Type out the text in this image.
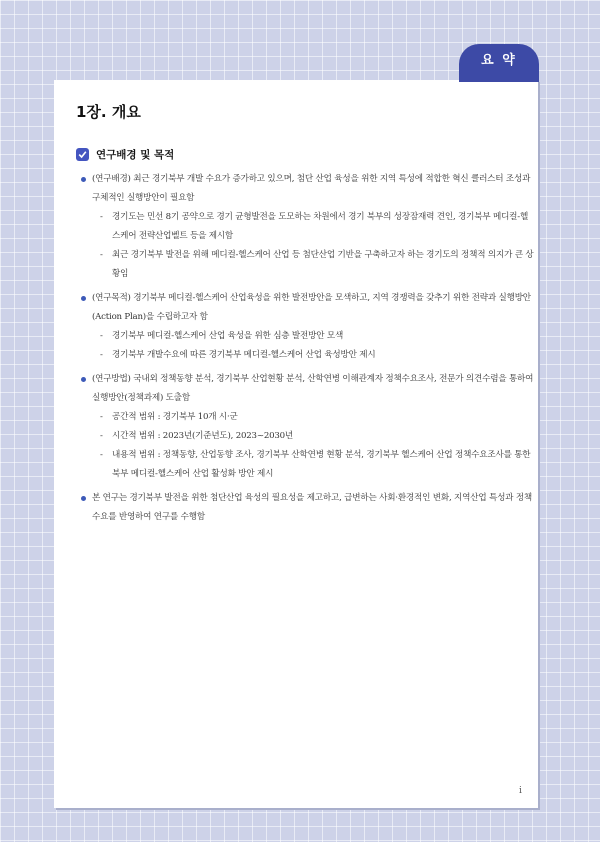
요 약
1장. 개요
연구배경 및 목적

(연구배경) 최근 경기북부 개발 수요가 증가하고 있으며, 첨단 산업 육성을 위한 지역 특성에 적합한 혁신 클러스터 조성과 구체적인 실행방안이 필요함

- 경기도는 민선 8기 공약으로 경기 균형발전을 도모하는 차원에서 경기 북부의 성장잠재력 견인, 경기북부 메디컬-헬스케어 전략산업벨트 등을 제시함

- 최근 경기북부 발전을 위해 메디컬-헬스케어 산업 등 첨단산업 기반을 구축하고자 하는 경기도의 정책적 의지가 큰 상황임

(연구목적) 경기북부 메디컬-헬스케어 산업육성을 위한 발전방안을 모색하고, 지역 경쟁력을 갖추기 위한 전략과 실행방안(Action Plan)을 수립하고자 함

- 경기북부 메디컬-헬스케어 산업 육성을 위한 심층 발전방안 모색

- 경기북부 개발수요에 따른 경기북부 메디컬-헬스케어 산업 육성방안 제시

(연구방법) 국내외 정책동향 분석, 경기북부 산업현황 분석, 산학연병 이해관계자 정책수요조사, 전문가 의견수렴을 통하여 실행방안(정책과제) 도출함

- 공간적 범위 : 경기북부 10개 시·군

- 시간적 범위 : 2023년(기준년도), 2023~2030년

- 내용적 범위 : 정책동향, 산업동향 조사, 경기북부 산학연병 현황 분석, 경기북부 헬스케어 산업 정책수요조사를 통한 북부 메디컬-헬스케어 산업 활성화 방안 제시

본 연구는 경기북부 발전을 위한 첨단산업 육성의 필요성을 제고하고, 급변하는 사회·환경적인 변화, 지역산업 특성과 정책수요를 반영하여 연구를 수행함

i
